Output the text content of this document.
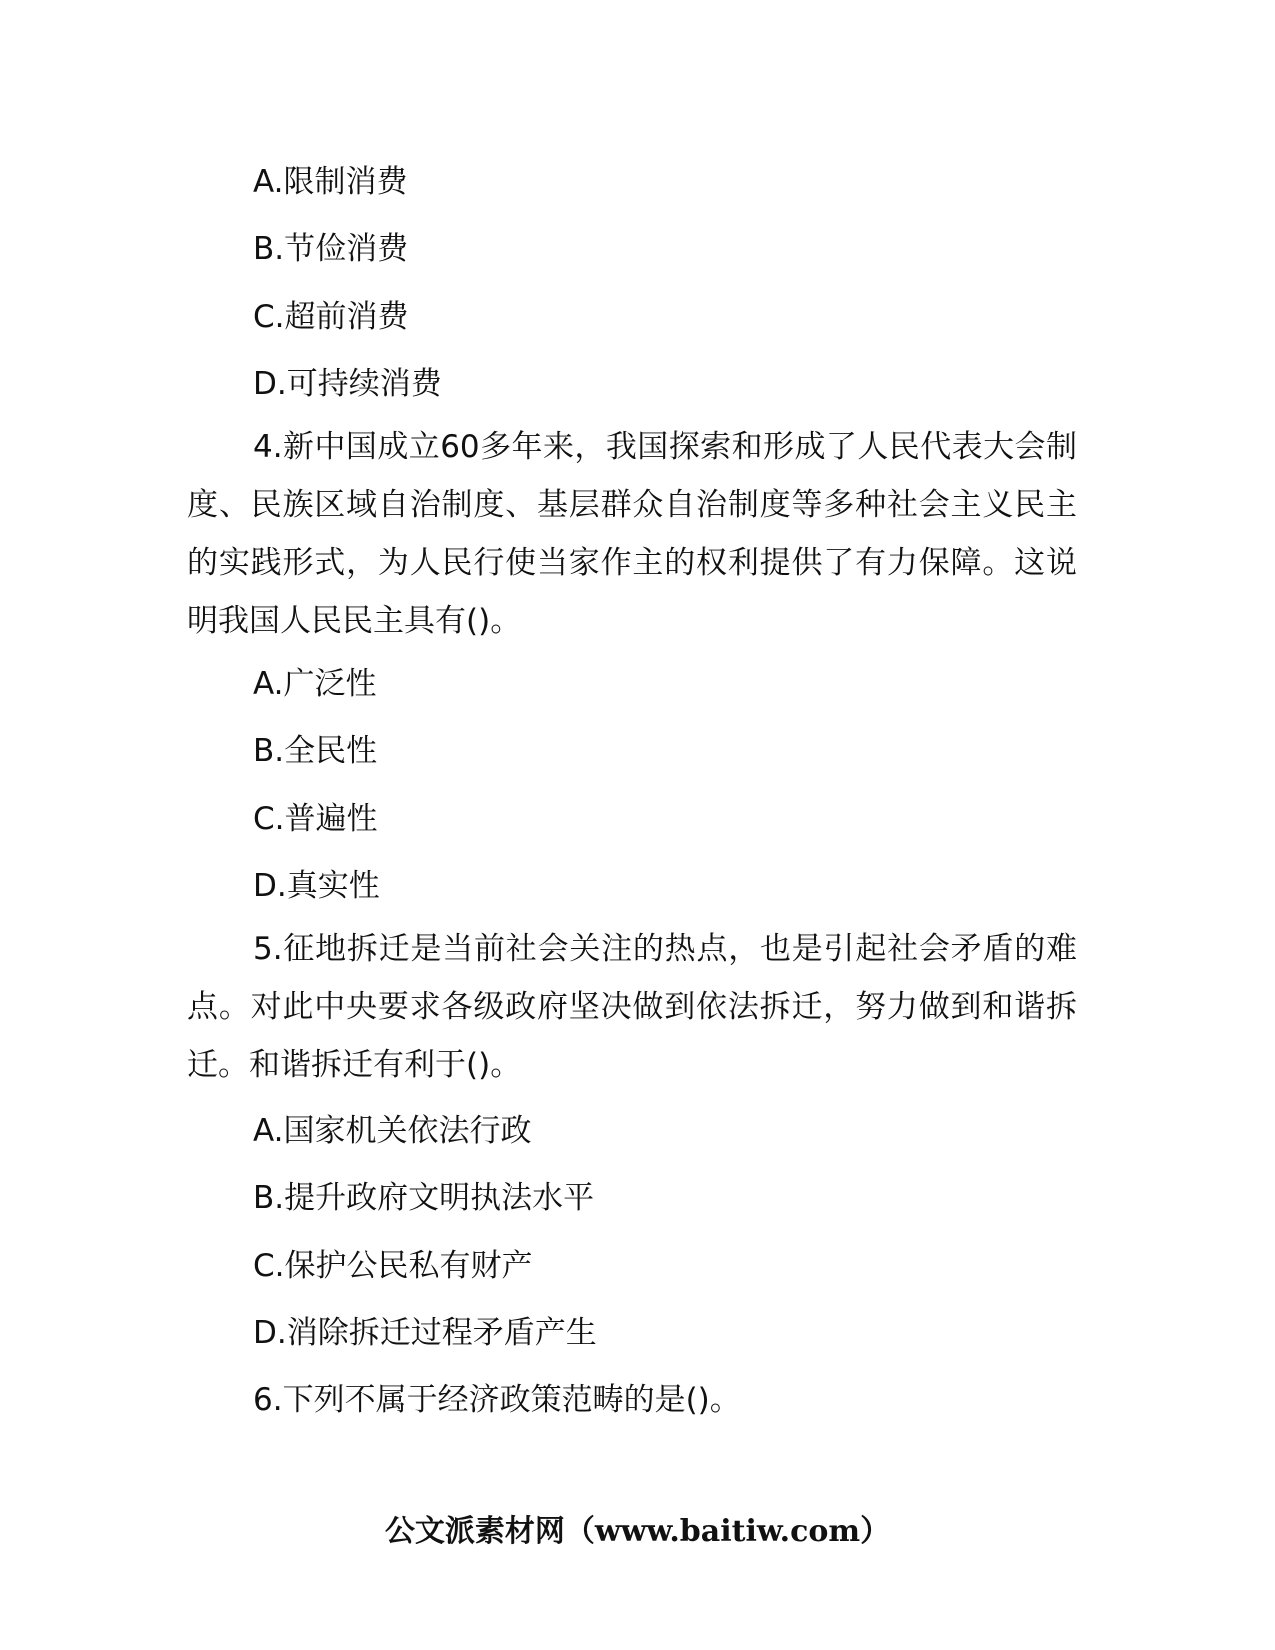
A.限制消费
B.节俭消费
C.超前消费
D.可持续消费
4.新中国成立60多年来，我国探索和形成了人民代表大会制度、民族区域自治制度、基层群众自治制度等多种社会主义民主的实践形式，为人民行使当家作主的权利提供了有力保障。这说明我国人民民主具有()。
A.广泛性
B.全民性
C.普遍性
D.真实性
5.征地拆迁是当前社会关注的热点，也是引起社会矛盾的难点。对此中央要求各级政府坚决做到依法拆迁，努力做到和谐拆迁。和谐拆迁有利于()。
A.国家机关依法行政
B.提升政府文明执法水平
C.保护公民私有财产
D.消除拆迁过程矛盾产生
6.下列不属于经济政策范畴的是()。
公文派素材网（www.baitiw.com）
